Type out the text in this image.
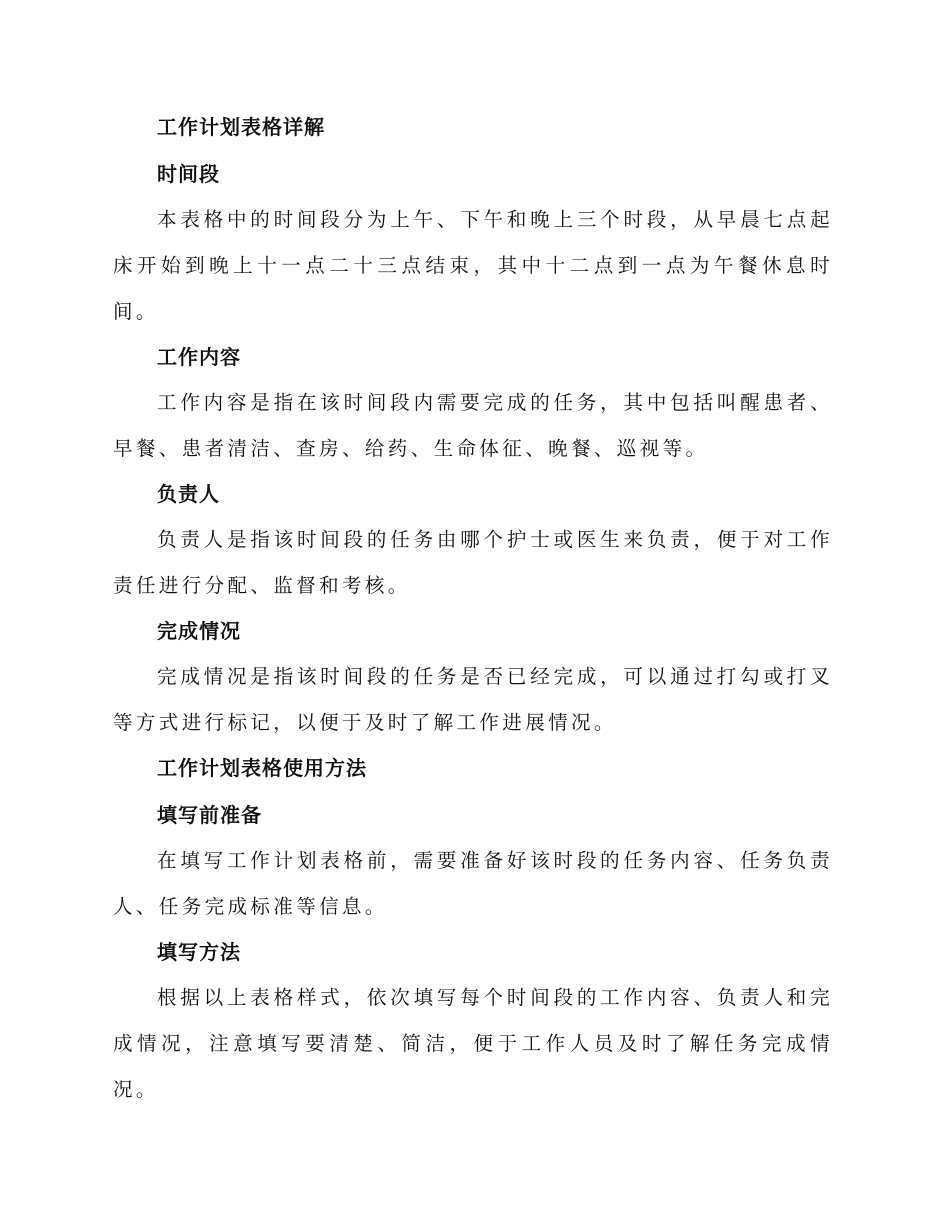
工作计划表格详解
时间段

本表格中的时间段分为上午、下午和晚上三个时段，从早晨七点起床开始到晚上十一点二十三点结束，其中十二点到一点为午餐休息时间。

工作内容

工作内容是指在该时间段内需要完成的任务，其中包括叫醒患者、早餐、患者清洁、查房、给药、生命体征、晚餐、巡视等。

负责人

负责人是指该时间段的任务由哪个护士或医生来负责，便于对工作责任进行分配、监督和考核。

完成情况

完成情况是指该时间段的任务是否已经完成，可以通过打勾或打叉等方式进行标记，以便于及时了解工作进展情况。

工作计划表格使用方法
填写前准备

在填写工作计划表格前，需要准备好该时段的任务内容、任务负责人、任务完成标准等信息。

填写方法

根据以上表格样式，依次填写每个时间段的工作内容、负责人和完成情况，注意填写要清楚、简洁，便于工作人员及时了解任务完成情况。
